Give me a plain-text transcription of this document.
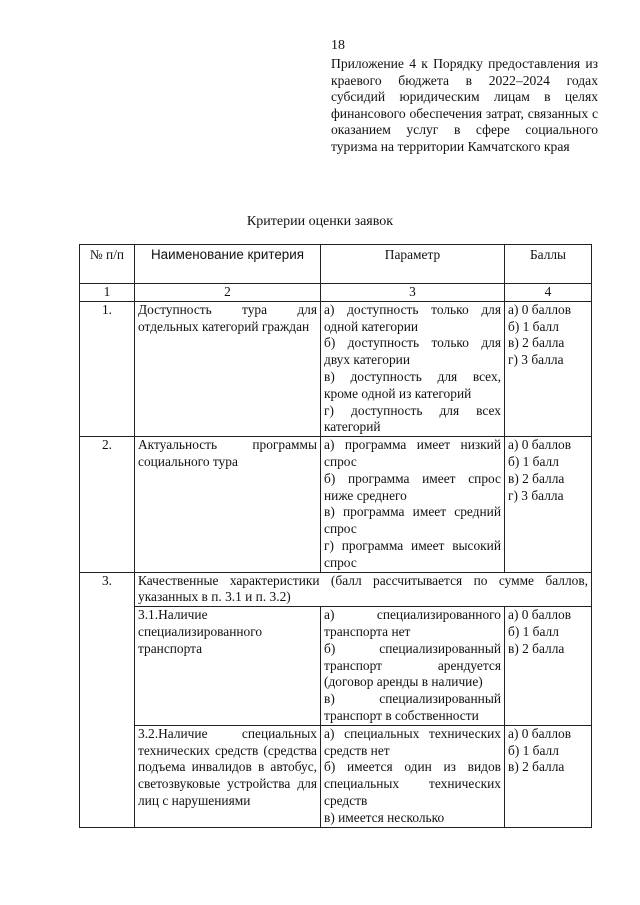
18
Приложение 4 к Порядку предоставления из краевого бюджета в 2022–2024 годах субсидий юридическим лицам в целях финансового обеспечения затрат, связанных с оказанием услуг в сфере социального туризма на территории Камчатского края
Критерии оценки заявок
№ п/п	Наименование критерия	Параметр	Баллы
1	2	3	4
1.	Доступность тура для отдельных категорий граждан	а) доступность только для одной категории
б) доступность только для двух категории
в) доступность для всех, кроме одной из категорий
г) доступность для всех категорий	а) 0 баллов
б) 1 балл
в) 2 балла
г) 3 балла

2.	Актуальность программы социального тура	а) программа имеет низкий спрос
б) программа имеет спрос ниже среднего
в) программа имеет средний спрос
г) программа имеет высокий спрос	а) 0 баллов
б) 1 балл
в) 2 балла
г) 3 балла

3.	Качественные характеристики (балл рассчитывается по сумме баллов, указанных в п. 3.1 и п. 3.2)		
	3.1.Наличие специализированного транспорта	а) специализированного транспорта нет
б) специализированный транспорт арендуется (договор аренды в наличие)
в) специализированный транспорт в собственности	а) 0 баллов
б) 1 балл
в) 2 балла

	3.2.Наличие специальных технических средств (средства подъема инвалидов в автобус, светозвуковые устройства для лиц с нарушениями	а) специальных технических средств нет
б) имеется один из видов специальных технических средств
в) имеется несколько	а) 0 баллов
б) 1 балл
в) 2 балла
